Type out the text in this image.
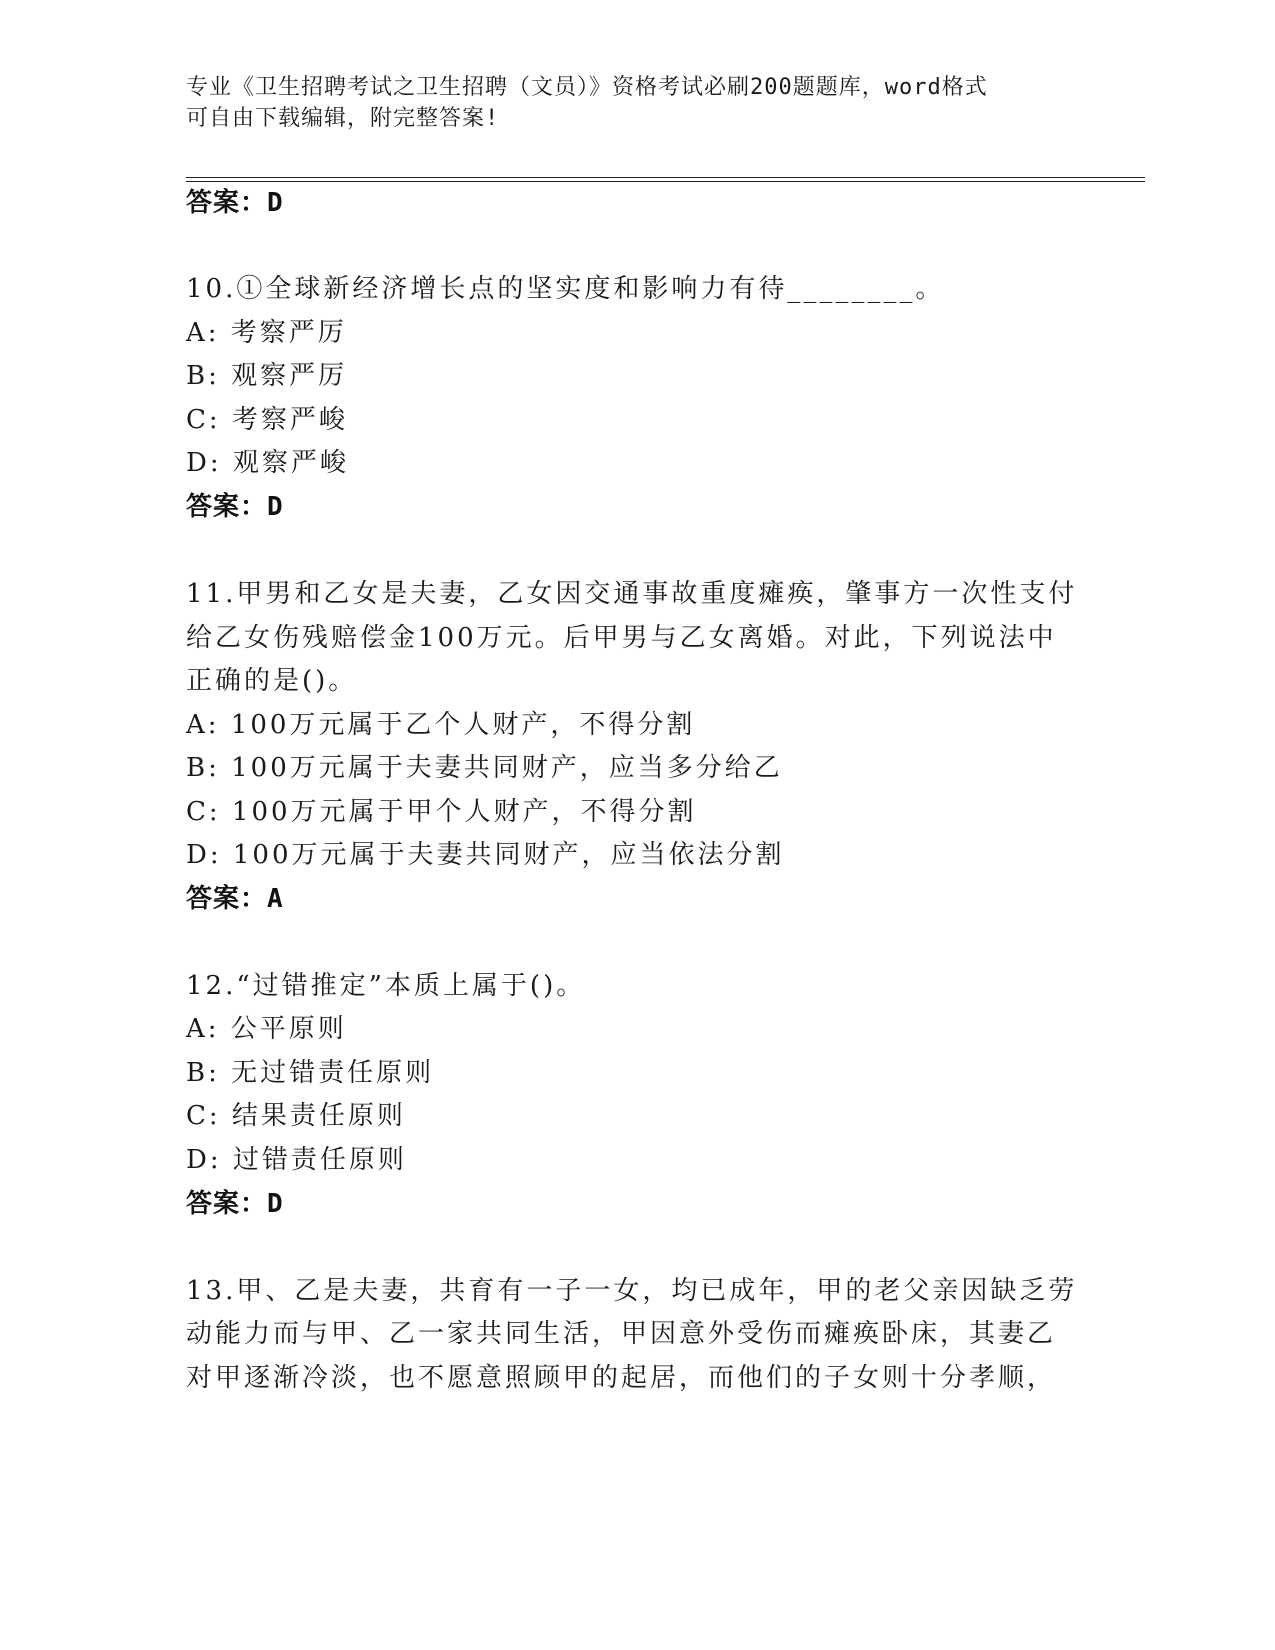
专业《卫生招聘考试之卫生招聘（文员）》资格考试必刷200题题库，word格式
可自由下载编辑，附完整答案!
答案：D
10.①全球新经济增长点的坚实度和影响力有待________。
A: 考察严厉
B: 观察严厉
C: 考察严峻
D: 观察严峻
答案：D
11.甲男和乙女是夫妻，乙女因交通事故重度瘫痪，肇事方一次性支付
给乙女伤残赔偿金100万元。后甲男与乙女离婚。对此，下列说法中
正确的是()。
A: 100万元属于乙个人财产，不得分割
B: 100万元属于夫妻共同财产，应当多分给乙
C: 100万元属于甲个人财产，不得分割
D: 100万元属于夫妻共同财产，应当依法分割
答案：A
12.“过错推定”本质上属于()。
A: 公平原则
B: 无过错责任原则
C: 结果责任原则
D: 过错责任原则
答案：D
13.甲、乙是夫妻，共育有一子一女，均已成年，甲的老父亲因缺乏劳
动能力而与甲、乙一家共同生活，甲因意外受伤而瘫痪卧床，其妻乙
对甲逐渐冷淡，也不愿意照顾甲的起居，而他们的子女则十分孝顺，
